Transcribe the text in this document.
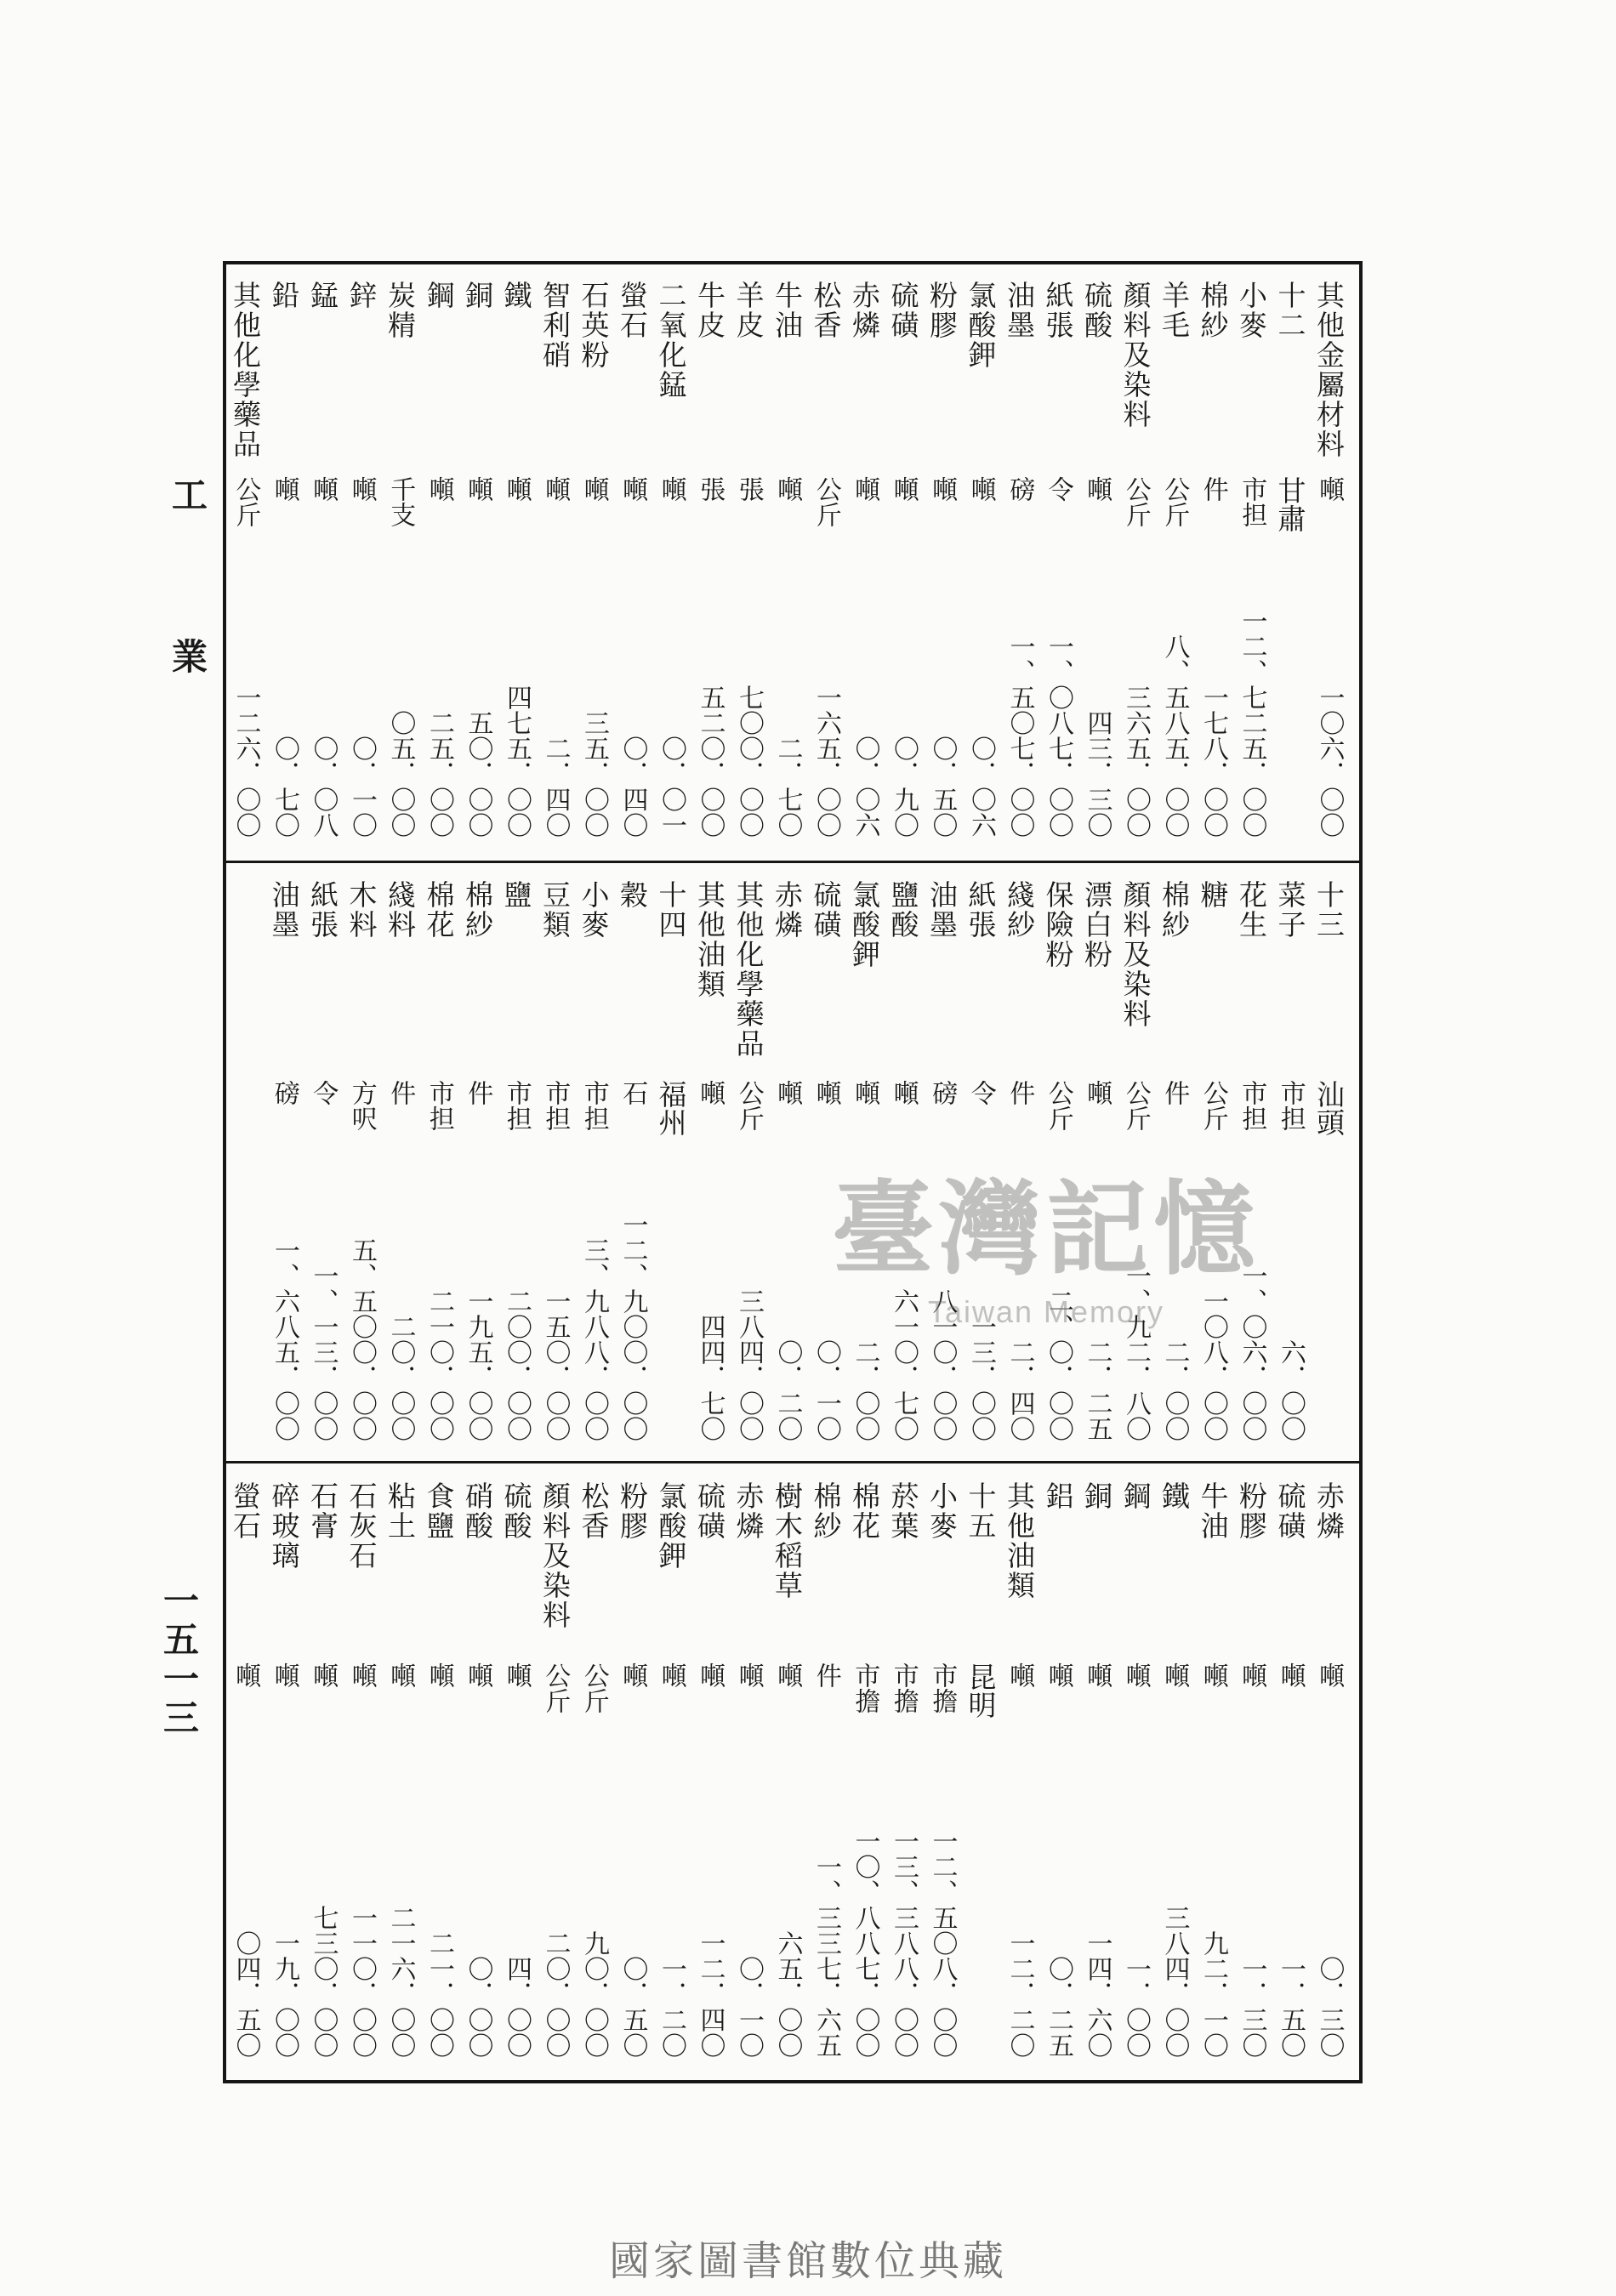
工
業
一五一三
其他金屬材料
噸
一〇六．〇〇
十二
甘肅
小麥
市担
一二、七二五．〇〇
棉紗
件
一七八．〇〇
羊毛
公斤
八、五八五．〇〇
顏料及染料
公斤
三六五．〇〇
硫酸
噸
四三．三〇
紙張
令
一、〇八七．〇〇
油墨
磅
一、五〇七．〇〇
氯酸鉀
噸
〇．〇六
粉膠
噸
〇．五〇
硫磺
噸
〇．九〇
赤燐
噸
〇．〇六
松香
公斤
一六五．〇〇
牛油
噸
二．七〇
羊皮
張
七〇〇．〇〇
牛皮
張
五二〇．〇〇
二氧化錳
噸
〇．〇一
螢石
噸
〇．四〇
石英粉
噸
三五．〇〇
智利硝
噸
二．四〇
鐵
噸
四七五．〇〇
銅
噸
五〇．〇〇
鋼
噸
二五．〇〇
炭精
千支
〇五．〇〇
鋅
噸
〇．一〇
錳
噸
〇．〇八
鉛
噸
〇．七〇
其他化學藥品
公斤
一二六．〇〇
十三
汕頭
菜子
市担
六．〇〇
花生
市担
一、〇六．〇〇
糖
公斤
一〇八．〇〇
棉紗
件
二．〇〇
顏料及染料
公斤
一、九二．八〇
漂白粉
噸
二．二五
保險粉
公斤
二、〇．〇〇
綫紗
件
二．四〇
紙張
令
一三．〇〇
油墨
磅
八一〇．〇〇
鹽酸
噸
六一〇．七〇
氯酸鉀
噸
二．〇〇
硫磺
噸
〇．一〇
赤燐
噸
〇．二〇
其他化學藥品
公斤
三八四．〇〇
其他油類
噸
四四．七〇
十四
福州
穀
石
一二、九〇〇．〇〇
小麥
市担
三、九八八．〇〇
豆類
市担
一五〇．〇〇
鹽
市担
二〇〇．〇〇
棉紗
件
一九五．〇〇
棉花
市担
二一〇．〇〇
綫料
件
二〇．〇〇
木料
方呎
五、五〇〇．〇〇
紙張
令
一、一三．〇〇
油墨
磅
一、六八五．〇〇
赤燐
噸
〇．三〇
硫磺
噸
一．五〇
粉膠
噸
一．三〇
牛油
噸
九二．一〇
鐵
噸
三八四．〇〇
鋼
噸
一．〇〇
銅
噸
一四．六〇
鋁
噸
〇．二五
其他油類
噸
一二．二〇
十五
昆明
小麥
市擔
一二、五〇八．〇〇
菸葉
市擔
一三、三八八．〇〇
棉花
市擔
一〇、八八七．〇〇
棉紗
件
一、三三七．六五
樹木稻草
噸
六五．〇〇
赤燐
噸
〇．一〇
硫磺
噸
一二．四〇
氯酸鉀
噸
一．二〇
粉膠
噸
〇．五〇
松香
公斤
九〇．〇〇
顏料及染料
公斤
二〇．〇〇
硫酸
噸
四．〇〇
硝酸
噸
〇．〇〇
食鹽
噸
二一．〇〇
粘土
噸
二一六．〇〇
石灰石
噸
一一〇．〇〇
石膏
噸
七三〇．〇〇
碎玻璃
噸
一九．〇〇
螢石
噸
〇四．五〇
臺灣記憶
Taiwan Memory
國家圖書館數位典藏
